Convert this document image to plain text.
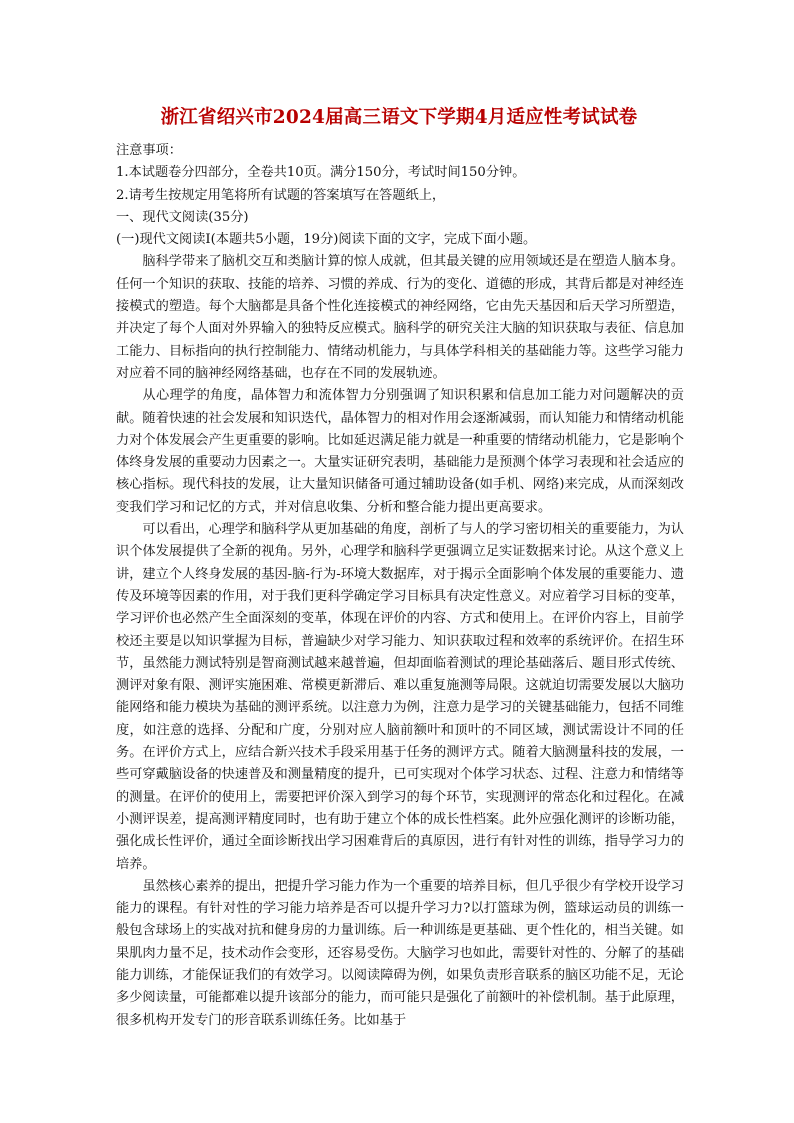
浙江省绍兴市2024届高三语文下学期4月适应性考试试卷

注意事项：

1.本试题卷分四部分，全卷共10页。满分150分，考试时间150分钟。

2.请考生按规定用笔将所有试题的答案填写在答题纸上，

一、现代文阅读(35分)

(一)现代文阅读Ⅰ(本题共5小题，19分)阅读下面的文字，完成下面小题。

脑科学带来了脑机交互和类脑计算的惊人成就，但其最关键的应用领域还是在塑造人脑本身。任何一个知识的获取、技能的培养、习惯的养成、行为的变化、道德的形成，其背后都是对神经连接模式的塑造。每个大脑都是具备个性化连接模式的神经网络，它由先天基因和后天学习所塑造，并决定了每个人面对外界输入的独特反应模式。脑科学的研究关注大脑的知识获取与表征、信息加工能力、目标指向的执行控制能力、情绪动机能力，与具体学科相关的基础能力等。这些学习能力对应着不同的脑神经网络基础，也存在不同的发展轨迹。

从心理学的角度，晶体智力和流体智力分别强调了知识积累和信息加工能力对问题解决的贡献。随着快速的社会发展和知识迭代，晶体智力的相对作用会逐渐减弱，而认知能力和情绪动机能力对个体发展会产生更重要的影响。比如延迟满足能力就是一种重要的情绪动机能力，它是影响个体终身发展的重要动力因素之一。大量实证研究表明，基础能力是预测个体学习表现和社会适应的核心指标。现代科技的发展，让大量知识储备可通过辅助设备(如手机、网络)来完成，从而深刻改变我们学习和记忆的方式，并对信息收集、分析和整合能力提出更高要求。

可以看出，心理学和脑科学从更加基础的角度，剖析了与人的学习密切相关的重要能力，为认识个体发展提供了全新的视角。另外，心理学和脑科学更强调立足实证数据来讨论。从这个意义上讲，建立个人终身发展的基因-脑-行为-环境大数据库，对于揭示全面影响个体发展的重要能力、遗传及环境等因素的作用，对于我们更科学确定学习目标具有决定性意义。对应着学习目标的变革，学习评价也必然产生全面深刻的变革，体现在评价的内容、方式和使用上。在评价内容上，目前学校还主要是以知识掌握为目标，普遍缺少对学习能力、知识获取过程和效率的系统评价。在招生环节，虽然能力测试特别是智商测试越来越普遍，但却面临着测试的理论基础落后、题目形式传统、测评对象有限、测评实施困难、常模更新滞后、难以重复施测等局限。这就迫切需要发展以大脑功能网络和能力模块为基础的测评系统。以注意力为例，注意力是学习的关键基础能力，包括不同维度，如注意的选择、分配和广度，分别对应人脑前额叶和顶叶的不同区域，测试需设计不同的任务。在评价方式上，应结合新兴技术手段采用基于任务的测评方式。随着大脑测量科技的发展，一些可穿戴脑设备的快速普及和测量精度的提升，已可实现对个体学习状态、过程、注意力和情绪等的测量。在评价的使用上，需要把评价深入到学习的每个环节，实现测评的常态化和过程化。在减小测评误差，提高测评精度同时，也有助于建立个体的成长性档案。此外应强化测评的诊断功能，强化成长性评价，通过全面诊断找出学习困难背后的真原因，进行有针对性的训练，指导学习力的培养。

虽然核心素养的提出，把提升学习能力作为一个重要的培养目标，但几乎很少有学校开设学习能力的课程。有针对性的学习能力培养是否可以提升学习力?以打篮球为例，篮球运动员的训练一般包含球场上的实战对抗和健身房的力量训练。后一种训练是更基础、更个性化的，相当关键。如果肌肉力量不足，技术动作会变形，还容易受伤。大脑学习也如此，需要针对性的、分解了的基础能力训练，才能保证我们的有效学习。以阅读障碍为例，如果负责形音联系的脑区功能不足，无论多少阅读量，可能都难以提升该部分的能力，而可能只是强化了前额叶的补偿机制。基于此原理，很多机构开发专门的形音联系训练任务。比如基于
